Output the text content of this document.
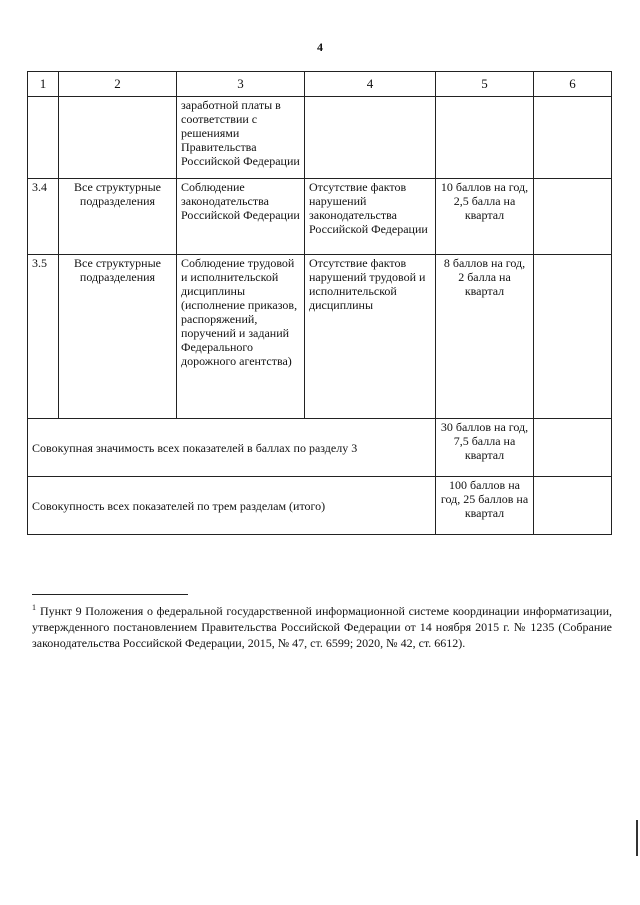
4
1	2	3	4	5	6
		заработной платы в соответствии с решениями Правительства Российской Федерации			
3.4	Все структурные подразделения	Соблюдение законодательства Российской Федерации	Отсутствие фактов нарушений законодательства Российской Федерации	10 баллов на год, 2,5 балла на квартал	
3.5	Все структурные подразделения	Соблюдение трудовой и исполнительской дисциплины (исполнение приказов, распоряжений, поручений и заданий Федерального дорожного агентства)	Отсутствие фактов нарушений трудовой и исполнительской дисциплины	8 баллов на год, 2 балла на квартал	
Совокупная значимость всех показателей в баллах по разделу 3				30 баллов на год, 7,5 балла на квартал	
Совокупность всех показателей по трем разделам (итого)				100 баллов на год, 25 баллов на квартал	
$^1$ Пункт 9 Положения о федеральной государственной информационной системе координации информатизации, утвержденного постановлением Правительства Российской Федерации от 14 ноября 2015 г. № 1235 (Собрание законодательства Российской Федерации, 2015, № 47, ст. 6599; 2020, № 42, ст. 6612).
